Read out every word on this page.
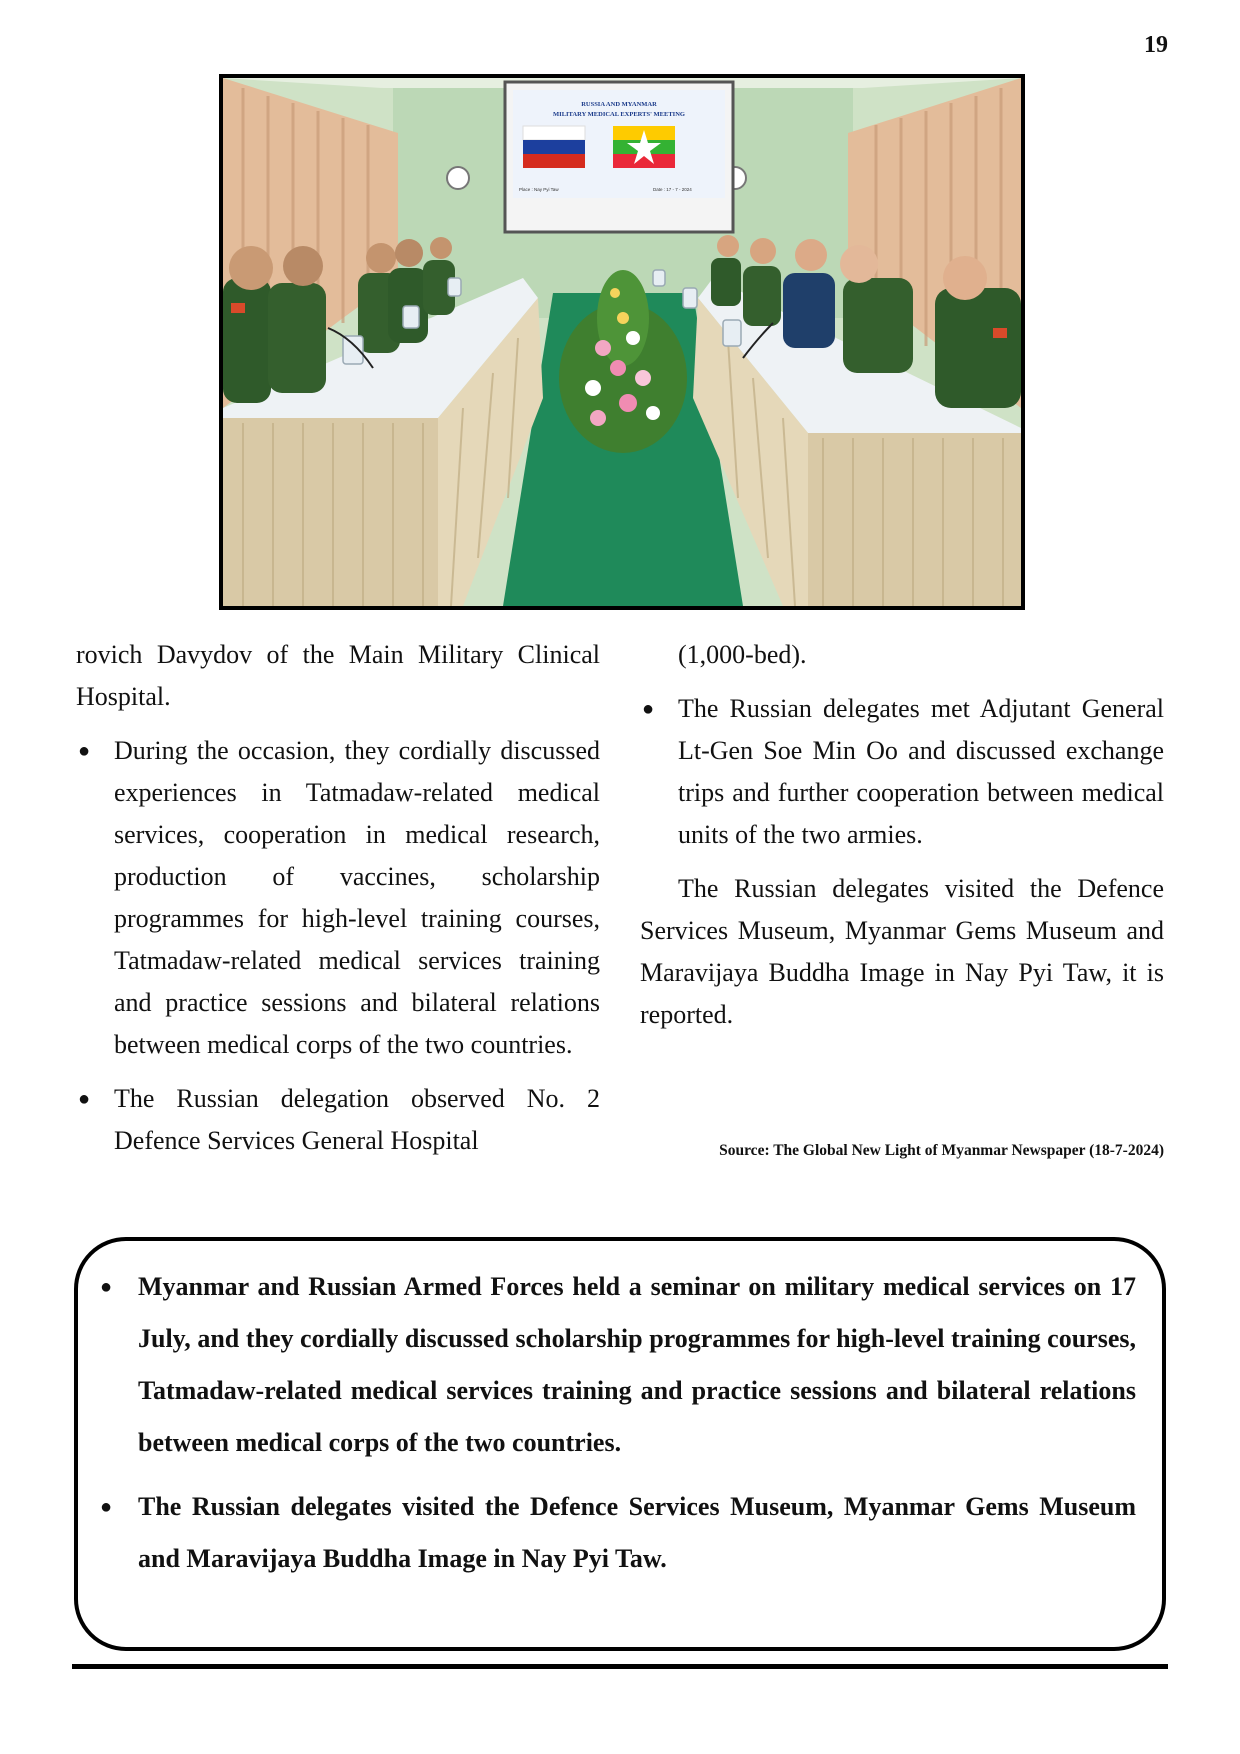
19
RUSSIA AND MYANMAR
MILITARY MEDICAL EXPERTS' MEETING
Place : Nay Pyi Taw	Date : 17 - 7 - 2024

rovich Davydov of the Main Military Clinical Hospital.

● During the occasion, they cordially discussed experiences in Tatmadaw-related medical services, cooperation in medical research, production of vaccines, scholarship programmes for high-level training courses, Tatmadaw-related medical services training and practice sessions and bilateral relations between medical corps of the two countries.
● The Russian delegation observed No. 2 Defence Services General Hospital
(1,000-bed).
● The Russian delegates met Adjutant General Lt-Gen Soe Min Oo and discussed exchange trips and further cooperation between medical units of the two armies.

The Russian delegates visited the Defence Services Museum, Myanmar Gems Museum and Maravijaya Buddha Image in Nay Pyi Taw, it is reported.

Source: The Global New Light of Myanmar Newspaper (18-7-2024)
● Myanmar and Russian Armed Forces held a seminar on military medical services on 17 July, and they cordially discussed scholarship programmes for high-level training courses, Tatmadaw-related medical services training and practice sessions and bilateral relations between medical corps of the two countries.
● The Russian delegates visited the Defence Services Museum, Myanmar Gems Museum and Maravijaya Buddha Image in Nay Pyi Taw.
